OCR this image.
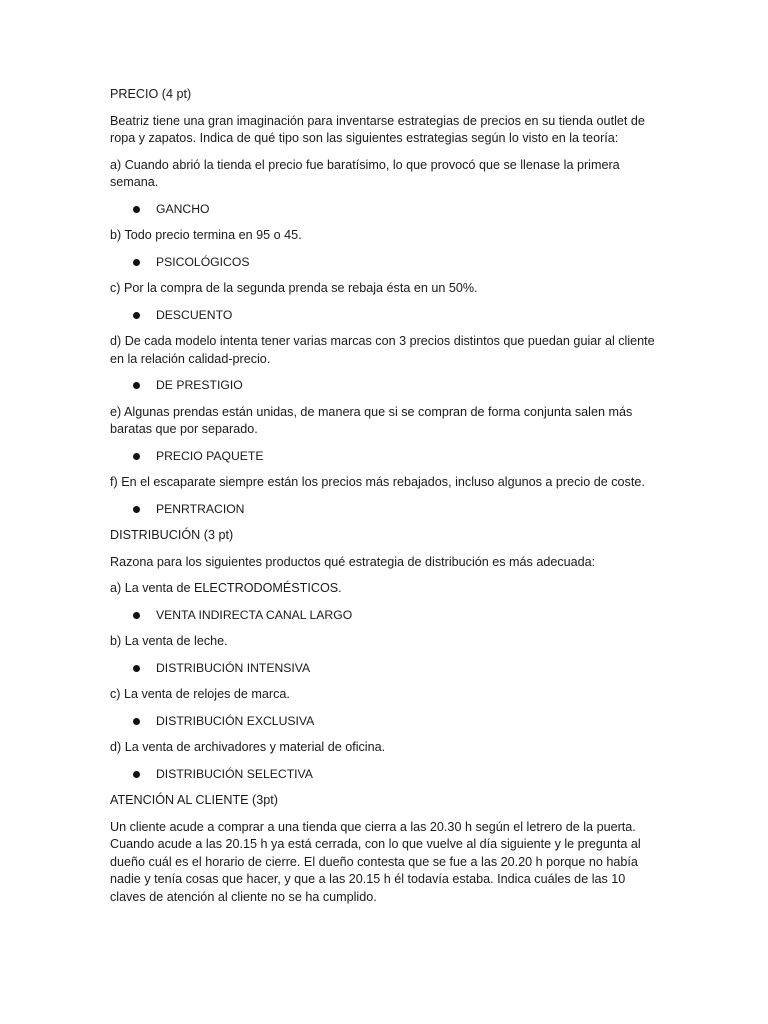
PRECIO (4 pt)

Beatriz tiene una gran imaginación para inventarse estrategias de precios en su tienda outlet de ropa y zapatos. Indica de qué tipo son las siguientes estrategias según lo visto en la teoría:

a) Cuando abrió la tienda el precio fue baratísimo, lo que provocó que se llenase la primera semana.

GANCHO

b) Todo precio termina en 95 o 45.

PSICOLÓGICOS

c) Por la compra de la segunda prenda se rebaja ésta en un 50%.

DESCUENTO

d) De cada modelo intenta tener varias marcas con 3 precios distintos que puedan guiar al cliente en la relación calidad-precio.

DE PRESTIGIO

e) Algunas prendas están unidas, de manera que si se compran de forma conjunta salen más baratas que por separado.

PRECIO PAQUETE

f) En el escaparate siempre están los precios más rebajados, incluso algunos a precio de coste.

PENRTRACION

DISTRIBUCIÓN (3 pt)

Razona para los siguientes productos qué estrategia de distribución es más adecuada:

a) La venta de ELECTRODOMÉSTICOS.

VENTA INDIRECTA CANAL LARGO

b) La venta de leche.

DISTRIBUCIÓN INTENSIVA

c) La venta de relojes de marca.

DISTRIBUCIÓN EXCLUSIVA

d) La venta de archivadores y material de oficina.

DISTRIBUCIÓN SELECTIVA

ATENCIÓN AL CLIENTE (3pt)

Un cliente acude a comprar a una tienda que cierra a las 20.30 h según el letrero de la puerta. Cuando acude a las 20.15 h ya está cerrada, con lo que vuelve al día siguiente y le pregunta al dueño cuál es el horario de cierre. El dueño contesta que se fue a las 20.20 h porque no había nadie y tenía cosas que hacer, y que a las 20.15 h él todavía estaba. Indica cuáles de las 10 claves de atención al cliente no se ha cumplido.
